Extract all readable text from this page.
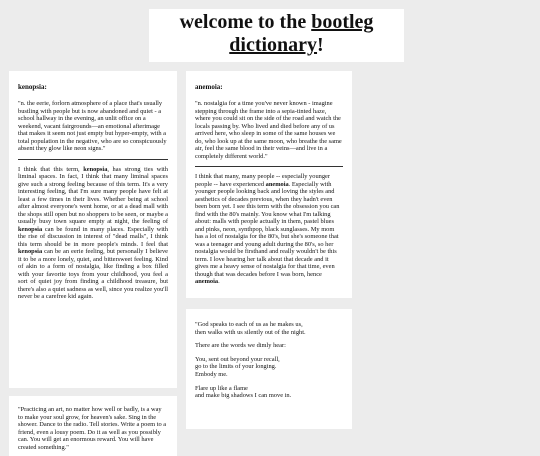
welcome to the bootleg
dictionary!
kenopsia:
"n. the eerie, forlorn atmosphere of a place that's usually bustling with people but is now abandoned and quiet - a school hallway in the evening, an unlit office on a weekend, vacant fairgrounds—an emotional afterimage that makes it seem not just empty but hyper-empty, with a total population in the negative, who are so conspicuously absent they glow like neon signs."
I think that this term, kenopsia, has strong ties with liminal spaces. In fact, I think that many liminal spaces give such a strong feeling because of this term. It's a very interesting feeling, that I'm sure many people have felt at least a few times in their lives. Whether being at school after almost everyone's went home, or at a dead mall with the shops still open but no shoppers to be seen, or maybe a usually busy town square empty at night, the feeling of kenopsia can be found in many places. Especially with the rise of discussion in interest of "dead malls", I think this term should be in more people's minds. I feel that kenopsia can be an eerie feeling, but personally I believe it to be a more lonely, quiet, and bittersweet feeling. Kind of akin to a form of nostalgia, like finding a box filled with your favorite toys from your childhood, you feel a sort of quiet joy from finding a childhood treasure, but there's also a quiet sadness as well, since you realize you'll never be a carefree kid again.
anemoia:
"n. nostalgia for a time you've never known - imagine stepping through the frame into a sepia-tinted haze, where you could sit on the side of the road and watch the locals passing by. Who lived and died before any of us arrived here, who sleep in some of the same houses we do, who look up at the same moon, who breathe the same air, feel the same blood in their veins—and live in a completely different world."
I think that many, many people -- especially younger people -- have experienced anemoia. Especially with younger people looking back and loving the styles and aesthetics of decades previous, when they hadn't even been born yet. I see this term with the obsession you can find with the 80's mainly. You know what I'm talking about: malls with people actually in them, pastel blues and pinks, neon, synthpop, black sunglasses. My mom has a lot of nostalgia for the 80's, but she's someone that was a teenager and young adult during the 80's, so her nostalgia would be firsthand and really wouldn't be this term. I love hearing her talk about that decade and it gives me a heavy sense of nostalgia for that time, even though that was decades before I was born, hence anemoia.
"Practicing an art, no matter how well or badly, is a way to make your soul grow, for heaven's sake. Sing in the shower. Dance to the radio. Tell stories. Write a poem to a friend, even a lousy poem. Do it as well as you possibly can. You will get an enormous reward. You will have created something."

"God speaks to each of us as he makes us,
then walks with us silently out of the night.

There are the words we dimly hear:

You, sent out beyond your recall,
go to the limits of your longing.
Embody me.

Flare up like a flame
and make big shadows I can move in.
